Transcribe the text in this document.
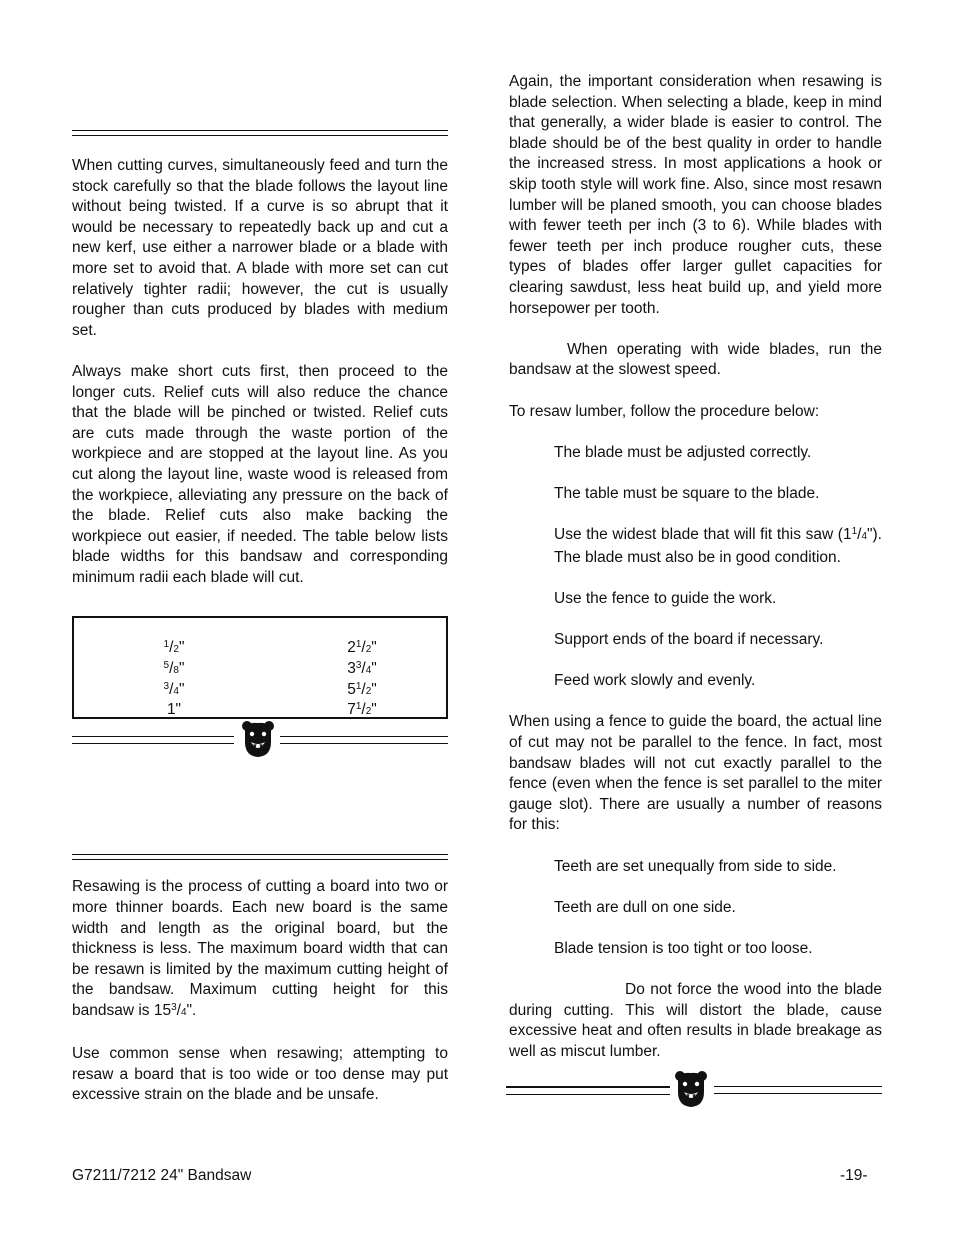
When cutting curves, simultaneously feed and turn the stock carefully so that the blade follows the layout line without being twisted. If a curve is so abrupt that it would be necessary to repeatedly back up and cut a new kerf, use either a narrower blade or a blade with more set to avoid that. A blade with more set can cut relatively tighter radii; however, the cut is usually rougher than cuts produced by blades with medium set.

Always make short cuts first, then proceed to the longer cuts. Relief cuts will also reduce the chance that the blade will be pinched or twisted. Relief cuts are cuts made through the waste portion of the workpiece and are stopped at the layout line. As you cut along the layout line, waste wood is released from the workpiece, alleviating any pressure on the back of the blade. Relief cuts also make backing the workpiece out easier, if needed. The table below lists blade widths for this bandsaw and corresponding minimum radii each blade will cut.

$^1$/2"
$^5$/8"
$^3$/4"
1"
$2^1/2$"
$3^3/4$"
$5^1/2$"
$7^1/2$"

Resawing is the process of cutting a board into two or more thinner boards. Each new board is the same width and length as the original board, but the thickness is less. The maximum board width that can be resawn is limited by the maximum cutting height of the bandsaw. Maximum cutting height for this bandsaw is $15^3/4$".

Use common sense when resawing; attempting to resaw a board that is too wide or too dense may put excessive strain on the blade and be unsafe.

Again, the important consideration when resawing is blade selection. When selecting a blade, keep in mind that generally, a wider blade is easier to control. The blade should be of the best quality in order to handle the increased stress. In most applications a hook or skip tooth style will work fine. Also, since most resawn lumber will be planed smooth, you can choose blades with fewer teeth per inch (3 to 6). While blades with fewer teeth per inch produce rougher cuts, these types of blades offer larger gullet capacities for clearing sawdust, less heat build up, and yield more horsepower per tooth.

When operating with wide blades, run the bandsaw at the slowest speed.

To resaw lumber, follow the procedure below:

The blade must be adjusted correctly.

The table must be square to the blade.

Use the widest blade that will fit this saw $(1^1/4")$. The blade must also be in good condition.

Use the fence to guide the work.

Support ends of the board if necessary.

Feed work slowly and evenly.

When using a fence to guide the board, the actual line of cut may not be parallel to the fence. In fact, most bandsaw blades will not cut exactly parallel to the fence (even when the fence is set parallel to the miter gauge slot). There are usually a number of reasons for this:

Teeth are set unequally from side to side.

Teeth are dull on one side.

Blade tension is too tight or too loose.

Do not force the wood into the blade during cutting. This will distort the blade, cause excessive heat and often results in blade breakage as well as miscut lumber.

G7211/7212 24" Bandsaw	-19-
